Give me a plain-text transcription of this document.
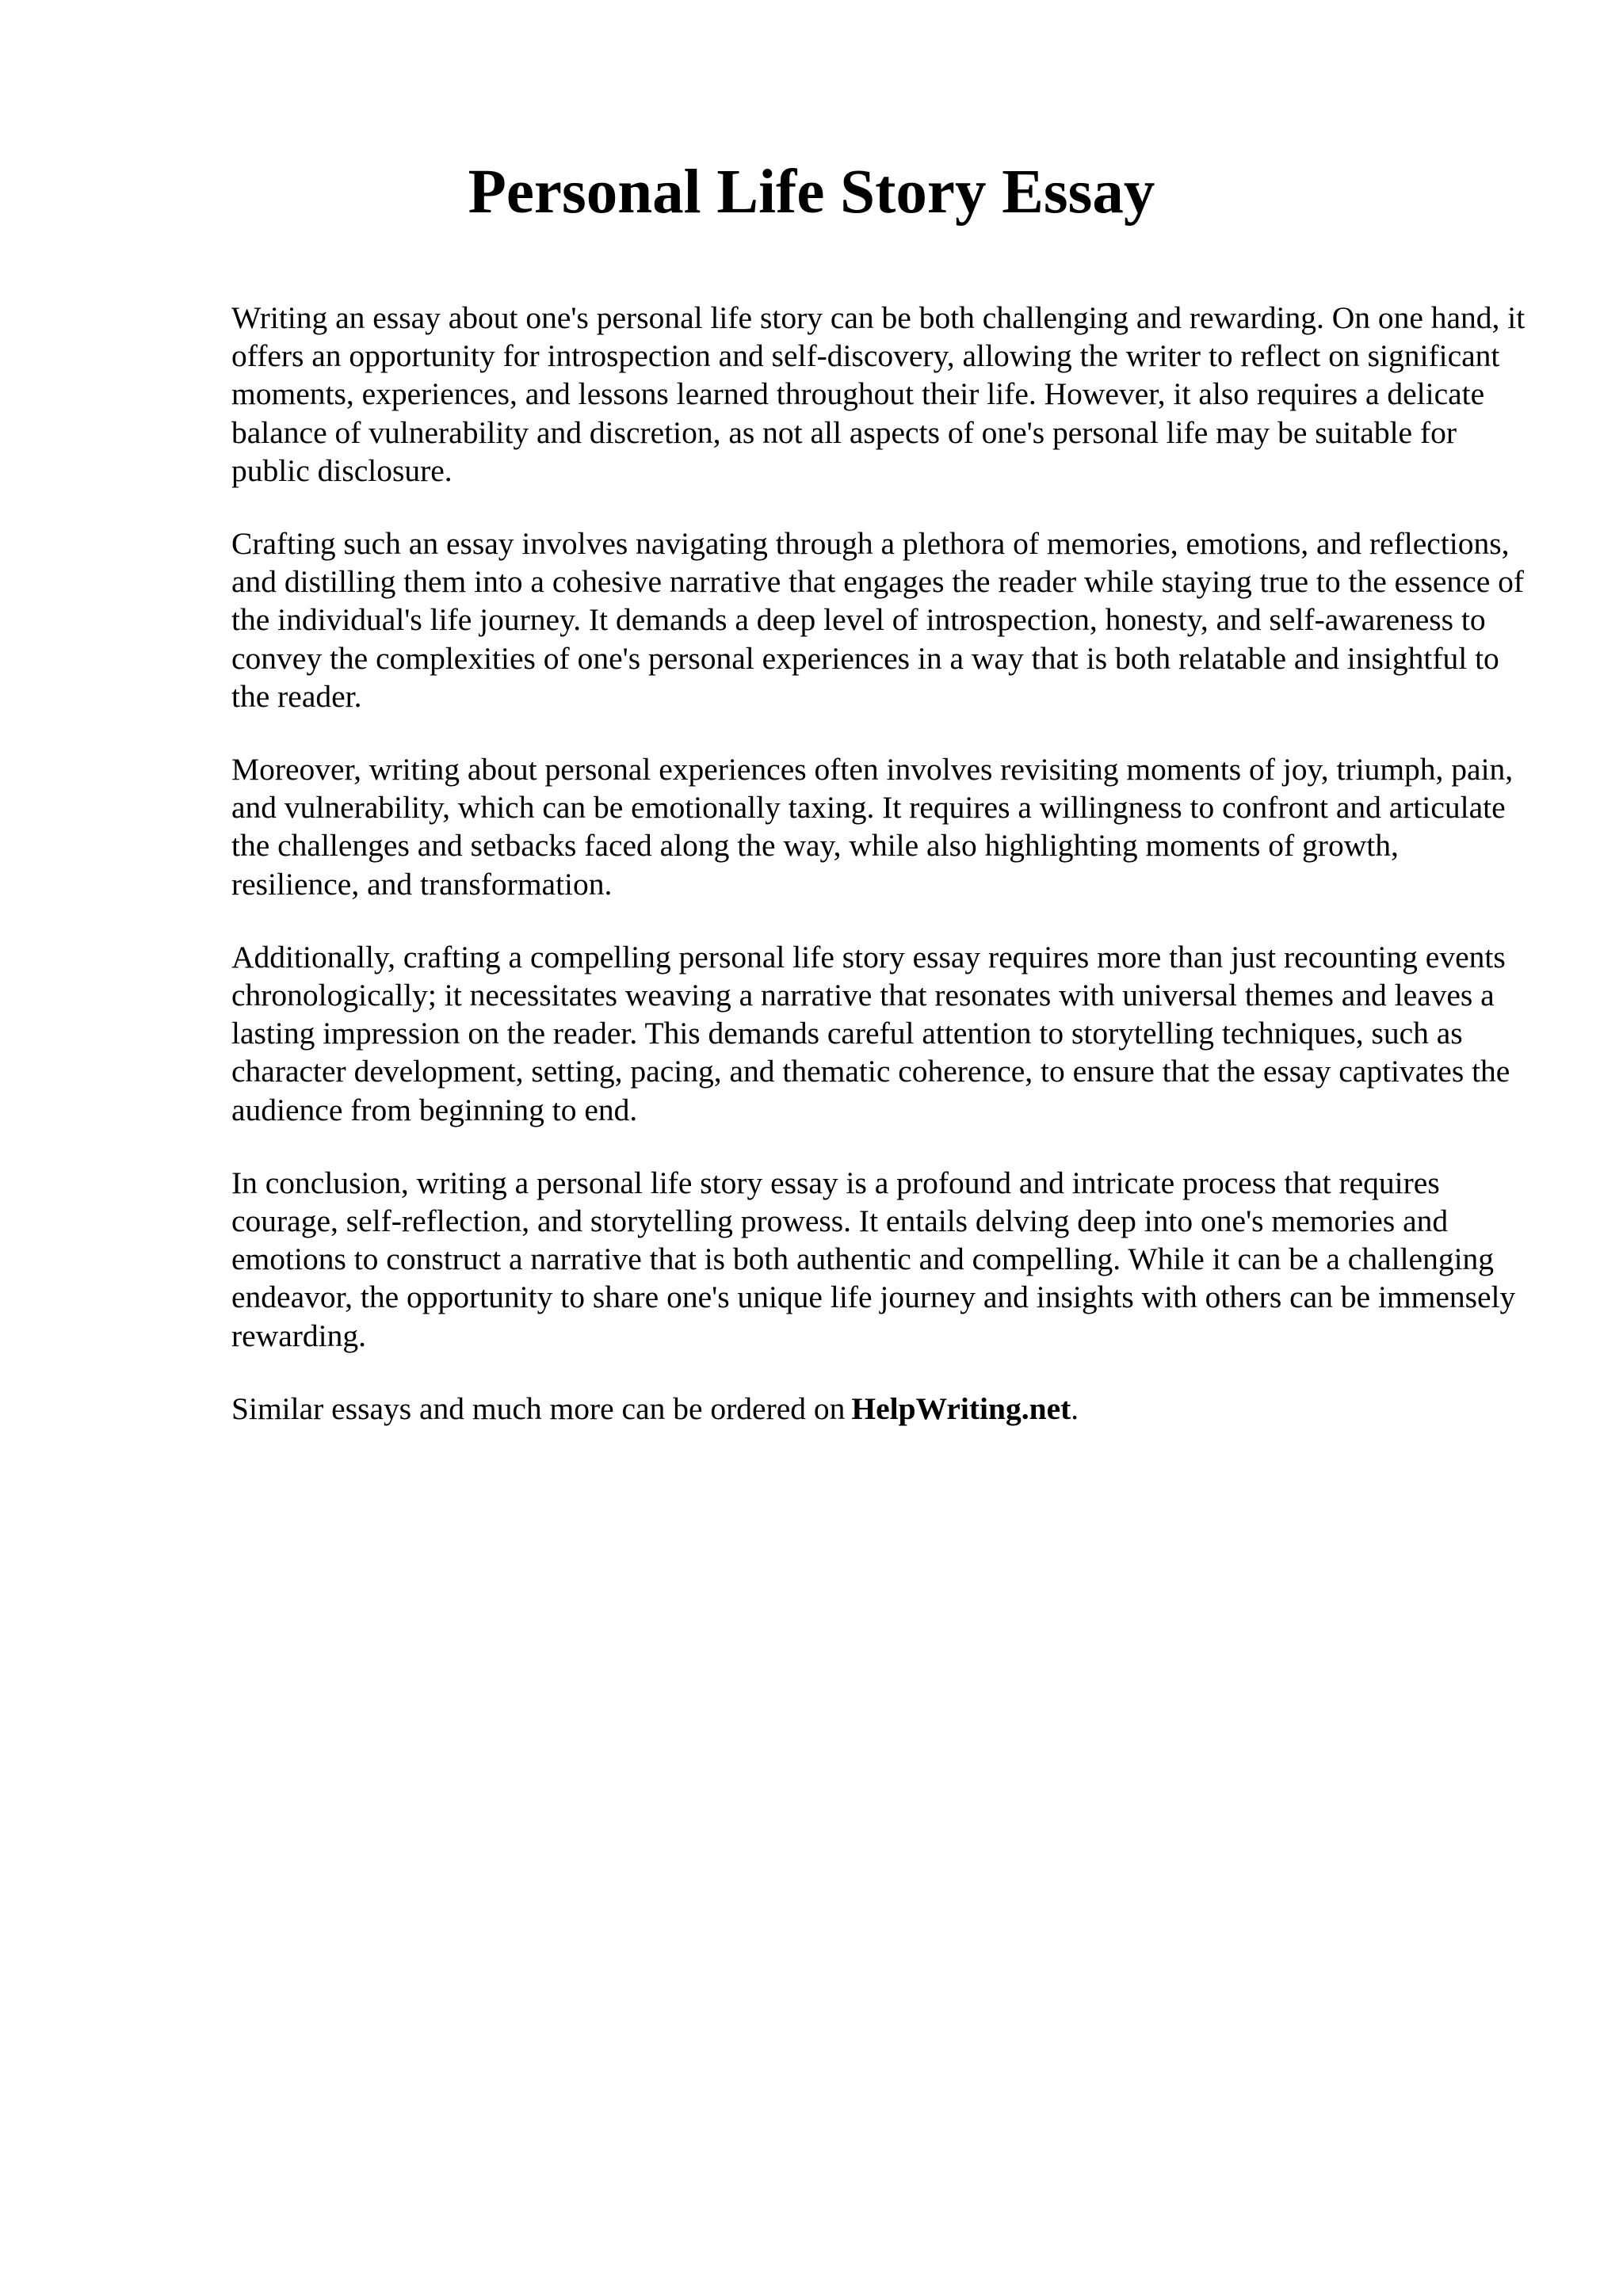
Personal Life Story Essay

Writing an essay about one's personal life story can be both challenging and rewarding. On one hand, it offers an opportunity for introspection and self-discovery, allowing the writer to reflect on significant moments, experiences, and lessons learned throughout their life. However, it also requires a delicate balance of vulnerability and discretion, as not all aspects of one's personal life may be suitable for public disclosure.

Crafting such an essay involves navigating through a plethora of memories, emotions, and reflections, and distilling them into a cohesive narrative that engages the reader while staying true to the essence of the individual's life journey. It demands a deep level of introspection, honesty, and self-awareness to convey the complexities of one's personal experiences in a way that is both relatable and insightful to the reader.

Moreover, writing about personal experiences often involves revisiting moments of joy, triumph, pain, and vulnerability, which can be emotionally taxing. It requires a willingness to confront and articulate the challenges and setbacks faced along the way, while also highlighting moments of growth, resilience, and transformation.

Additionally, crafting a compelling personal life story essay requires more than just recounting events chronologically; it necessitates weaving a narrative that resonates with universal themes and leaves a lasting impression on the reader. This demands careful attention to storytelling techniques, such as character development, setting, pacing, and thematic coherence, to ensure that the essay captivates the audience from beginning to end.

In conclusion, writing a personal life story essay is a profound and intricate process that requires courage, self-reflection, and storytelling prowess. It entails delving deep into one's memories and emotions to construct a narrative that is both authentic and compelling. While it can be a challenging endeavor, the opportunity to share one's unique life journey and insights with others can be immensely rewarding.

Similar essays and much more can be ordered on HelpWriting.net.
